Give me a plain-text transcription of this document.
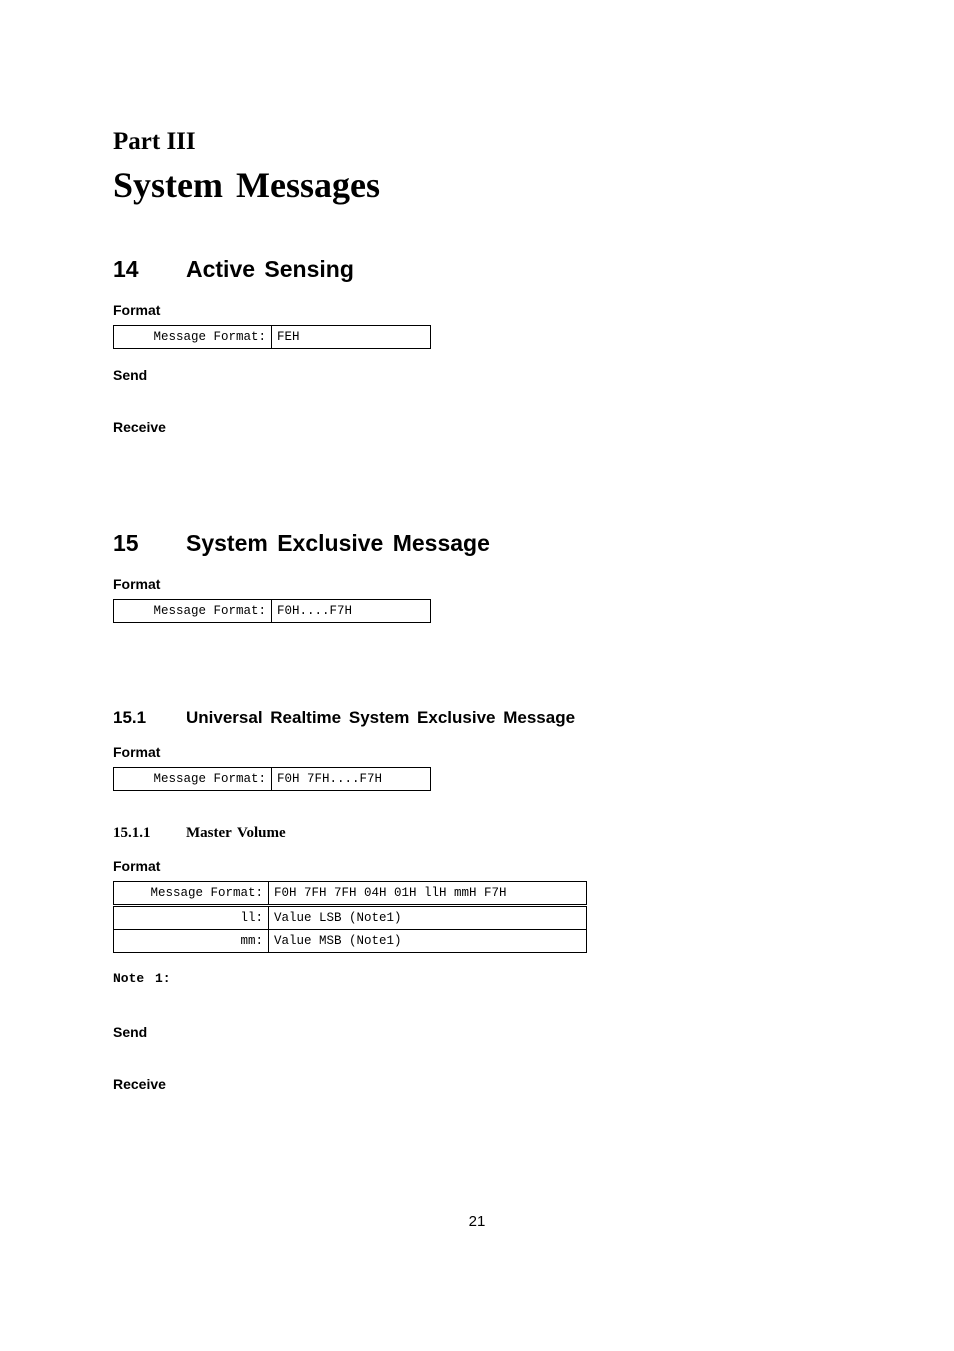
Part III
System Messages
14 Active Sensing
Format
Message Format:	FEH
Send
Receive
15 System Exclusive Message
Format
Message Format:	F0H....F7H
15.1 Universal Realtime System Exclusive Message
Format
Message Format:	F0H 7FH....F7H
15.1.1 Master Volume
Format
Message Format:	F0H 7FH 7FH 04H 01H llH mmH F7H
ll:	Value LSB (Note1)
mm:	Value MSB (Note1)
Note 1:
Send
Receive
21
